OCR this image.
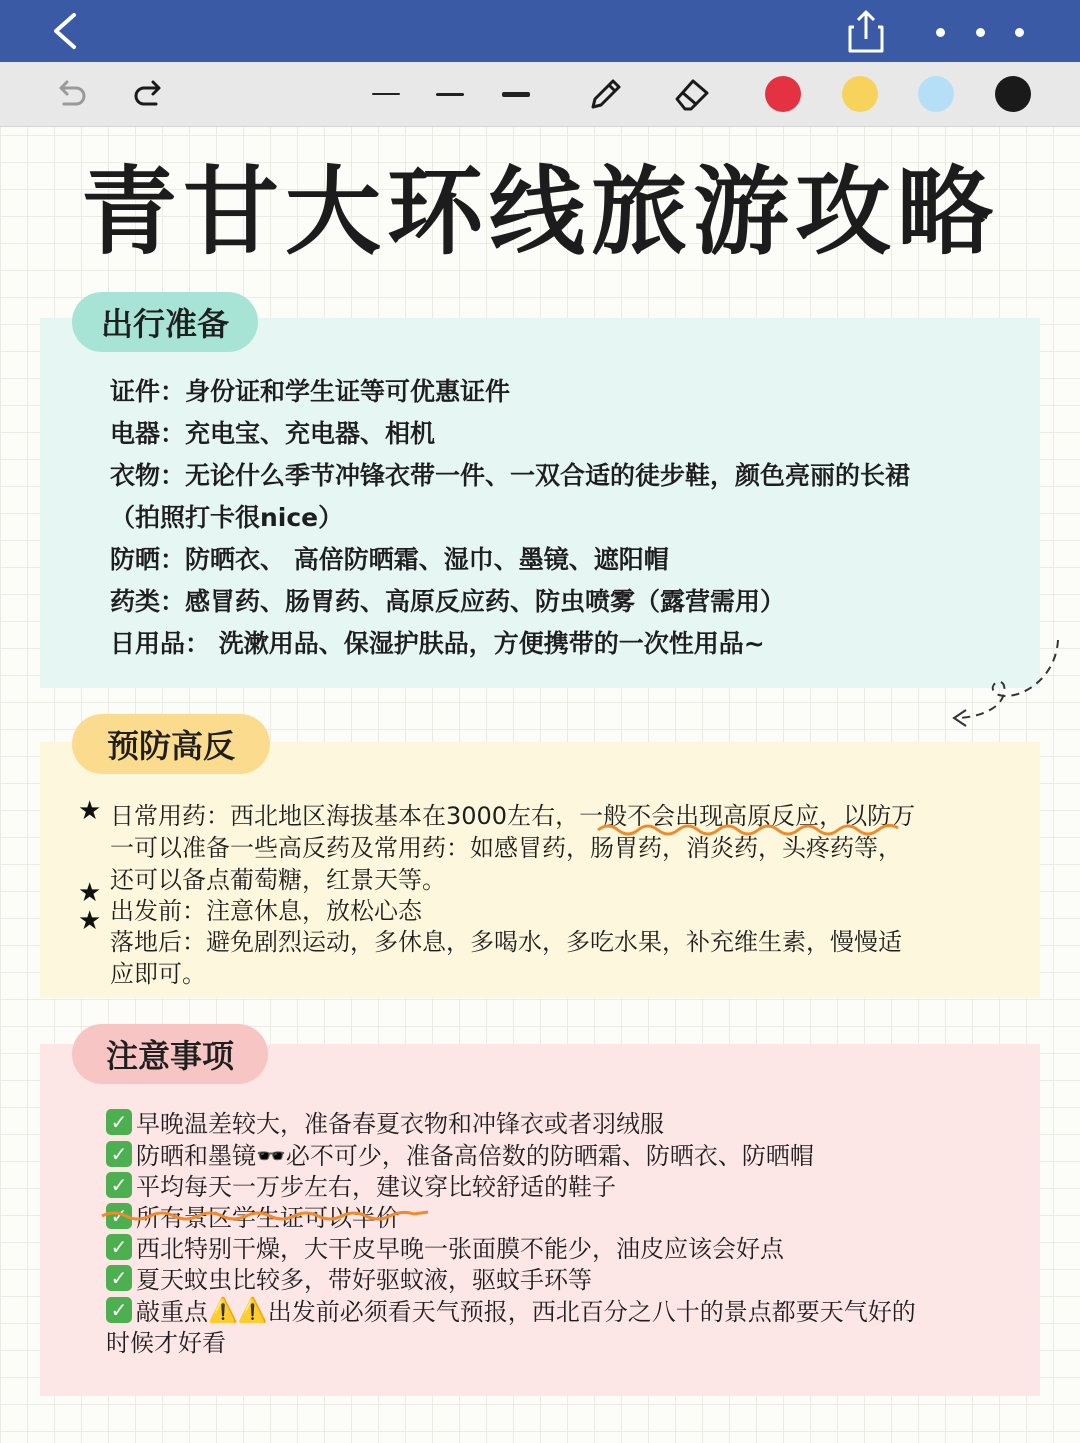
青甘大环线旅游攻略
出行准备
证件：身份证和学生证等可优惠证件
电器：充电宝、充电器、相机
衣物：无论什么季节冲锋衣带一件、一双合适的徒步鞋，颜色亮丽的长裙
（拍照打卡很nice）
防晒：防晒衣、 高倍防晒霜、湿巾、墨镜、遮阳帽
药类：感冒药、肠胃药、高原反应药、防虫喷雾（露营需用）
日用品： 洗漱用品、保湿护肤品，方便携带的一次性用品~
预防高反
★ 日常用药：西北地区海拔基本在3000左右，一般不会出现高原反应，以防万
一可以准备一些高反药及常用药：如感冒药，肠胃药，消炎药，头疼药等，
还可以备点葡萄糖，红景天等。
★
出发前：注意休息，放松心态
★
落地后：避免剧烈运动，多休息，多喝水，多吃水果，补充维生素，慢慢适
应即可。
注意事项
✓ 早晚温差较大，准备春夏衣物和冲锋衣或者羽绒服
✓ 防晒和墨镜🕶️必不可少，准备高倍数的防晒霜、防晒衣、防晒帽
✓ 平均每天一万步左右，建议穿比较舒适的鞋子
✓ 所有景区学生证可以半价
✓ 西北特别干燥，大干皮早晚一张面膜不能少，油皮应该会好点
✓ 夏天蚊虫比较多，带好驱蚊液，驱蚊手环等
✓ 敲重点 ⚠️⚠️ 出发前必须看天气预报，西北百分之八十的景点都要天气好的
时候才好看
